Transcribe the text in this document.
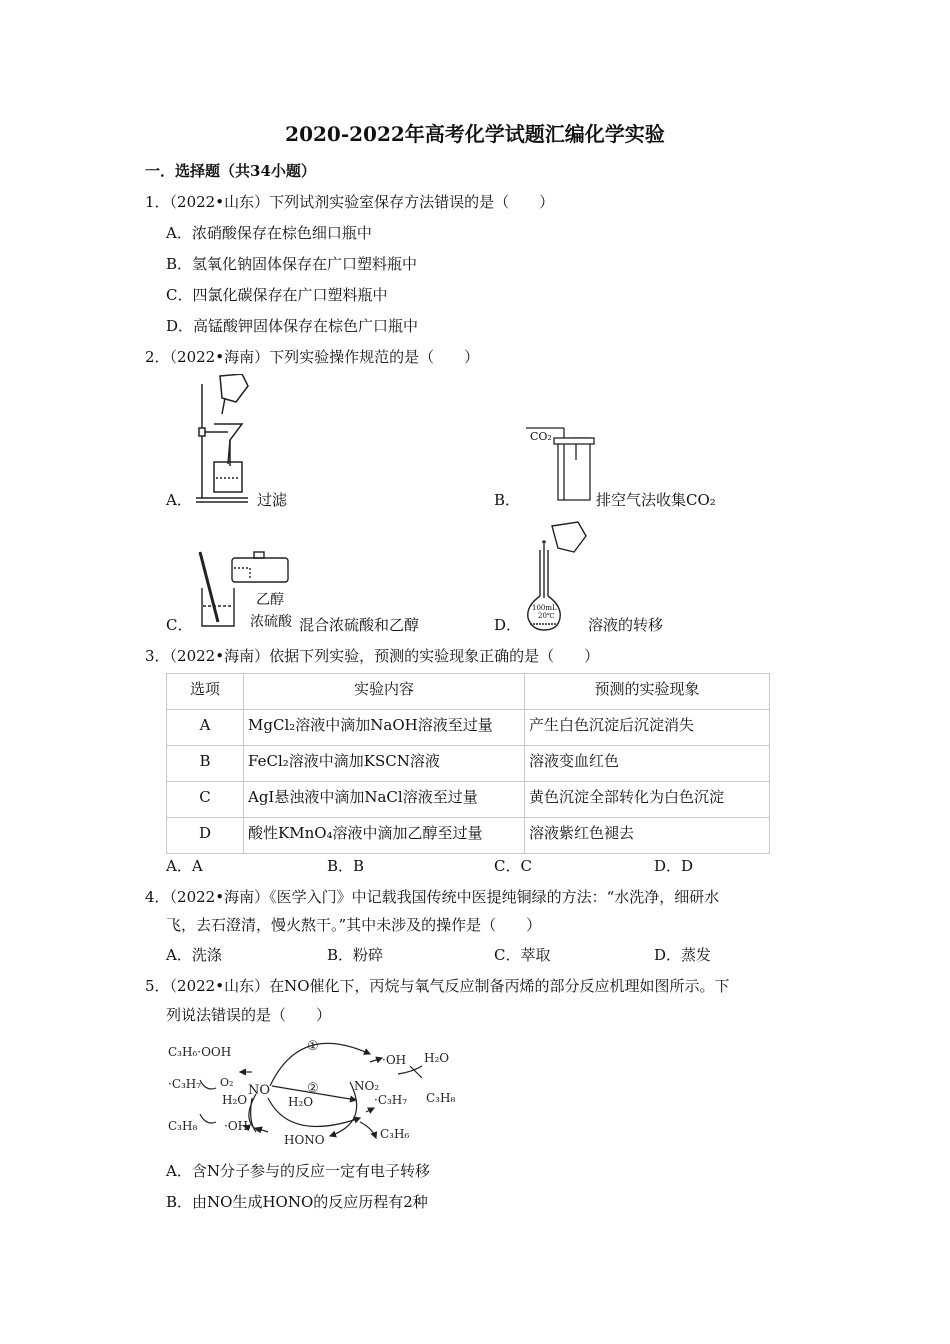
2020-2022年高考化学试题汇编化学实验
一．选择题（共34小题）
1．（2022•山东）下列试剂实验室保存方法错误的是（　　）
A．浓硝酸保存在棕色细口瓶中
B．氢氧化钠固体保存在广口塑料瓶中
C．四氯化碳保存在广口塑料瓶中
D．高锰酸钾固体保存在棕色广口瓶中
2．（2022•海南）下列实验操作规范的是（　　）
A．	过滤	B．
CO₂
排空气法收集CO₂
C．
乙醇
浓硫酸 混合浓硫酸和乙醇	D．
100mL
20℃ 溶液的转移
3．（2022•海南）依据下列实验，预测的实验现象正确的是（　　）
选项	实验内容	预测的实验现象
A	MgCl₂溶液中滴加NaOH溶液至过量	产生白色沉淀后沉淀消失
B	FeCl₂溶液中滴加KSCN溶液	溶液变血红色
C	AgI悬浊液中滴加NaCl溶液至过量	黄色沉淀全部转化为白色沉淀
D	酸性KMnO₄溶液中滴加乙醇至过量	溶液紫红色褪去
A．A	B．B	C．C	D．D
4．（2022•海南）《医学入门》中记载我国传统中医提纯铜绿的方法：“水洗净，细研水
飞，去石澄清，慢火熬干。”其中未涉及的操作是（　　）
A．洗涤	B．粉碎	C．萃取	D．蒸发
5．（2022•山东）在NO催化下，丙烷与氧气反应制备丙烯的部分反应机理如图所示。下
列说法错误的是（　　）
C₃H₆·OOH
·C₃H₇ O₂
NO
①
②	NO₂
·OH H₂O
·C₃H₇ C₃H₈
H₂O	H₂O
C₃H₈ ·OH
HONO	C₃H₆
A．含N分子参与的反应一定有电子转移
B．由NO生成HONO的反应历程有2种
